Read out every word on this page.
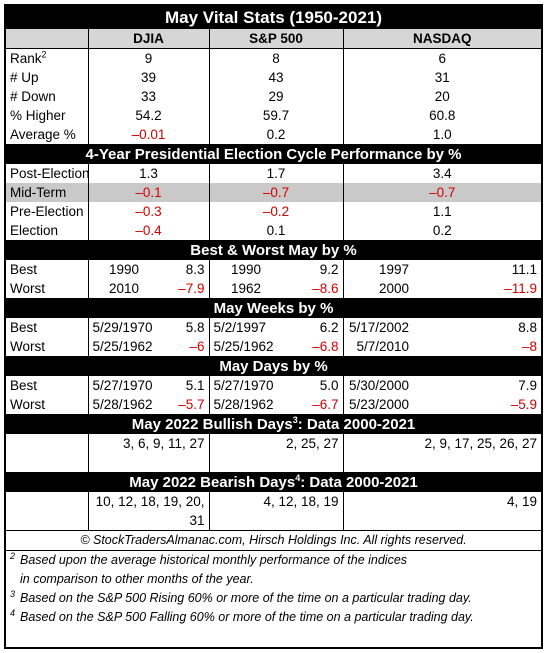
May Vital Stats (1950-2021)						
	DJIA		S&P 500		NASDAQ	
Rank$^2$	9		8		6	
# Up	39		43		31	
# Down	33		29		20	
% Higher	54.2		59.7		60.8	
Average %	–0.01		0.2		1.0	
4-Year Presidential Election Cycle Performance by %						
Post-Election	1.3		1.7		3.4	
Mid-Term	–0.1		–0.7		–0.7	
Pre-Election	–0.3		–0.2		1.1	
Election	–0.4		0.1		0.2	
Best & Worst May by %						
Best	1990	8.3	1990	9.2	1997	11.1
Worst	2010	–7.9	1962	–8.6	2000	–11.9
May Weeks by %						
Best	5/29/1970	5.8	5/2/1997	6.2	5/17/2002	8.8
Worst	5/25/1962	–6	5/25/1962	–6.8	5/7/2010	–8
May Days by %						
Best	5/27/1970	5.1	5/27/1970	5.0	5/30/2000	7.9
Worst	5/28/1962	–5.7	5/28/1962	–6.7	5/23/2000	–5.9
May 2022 Bullish Days$^3$: Data 2000-2021						
	3, 6, 9, 11, 27		2, 25, 27		2, 9, 17, 25, 26, 27	
May 2022 Bearish Days$^4$: Data 2000-2021						
	10, 12, 18, 19, 20,		4, 12, 18, 19		4, 19	
	31					
© StockTradersAlmanac.com, Hirsch Holdings Inc. All rights reserved.						
$^2$ Based upon the average historical monthly performance of the indices						
in comparison to other months of the year.						
$^3$ Based on the S&P 500 Rising 60% or more of the time on a particular trading day.						
$^4$ Based on the S&P 500 Falling 60% or more of the time on a particular trading day.						
